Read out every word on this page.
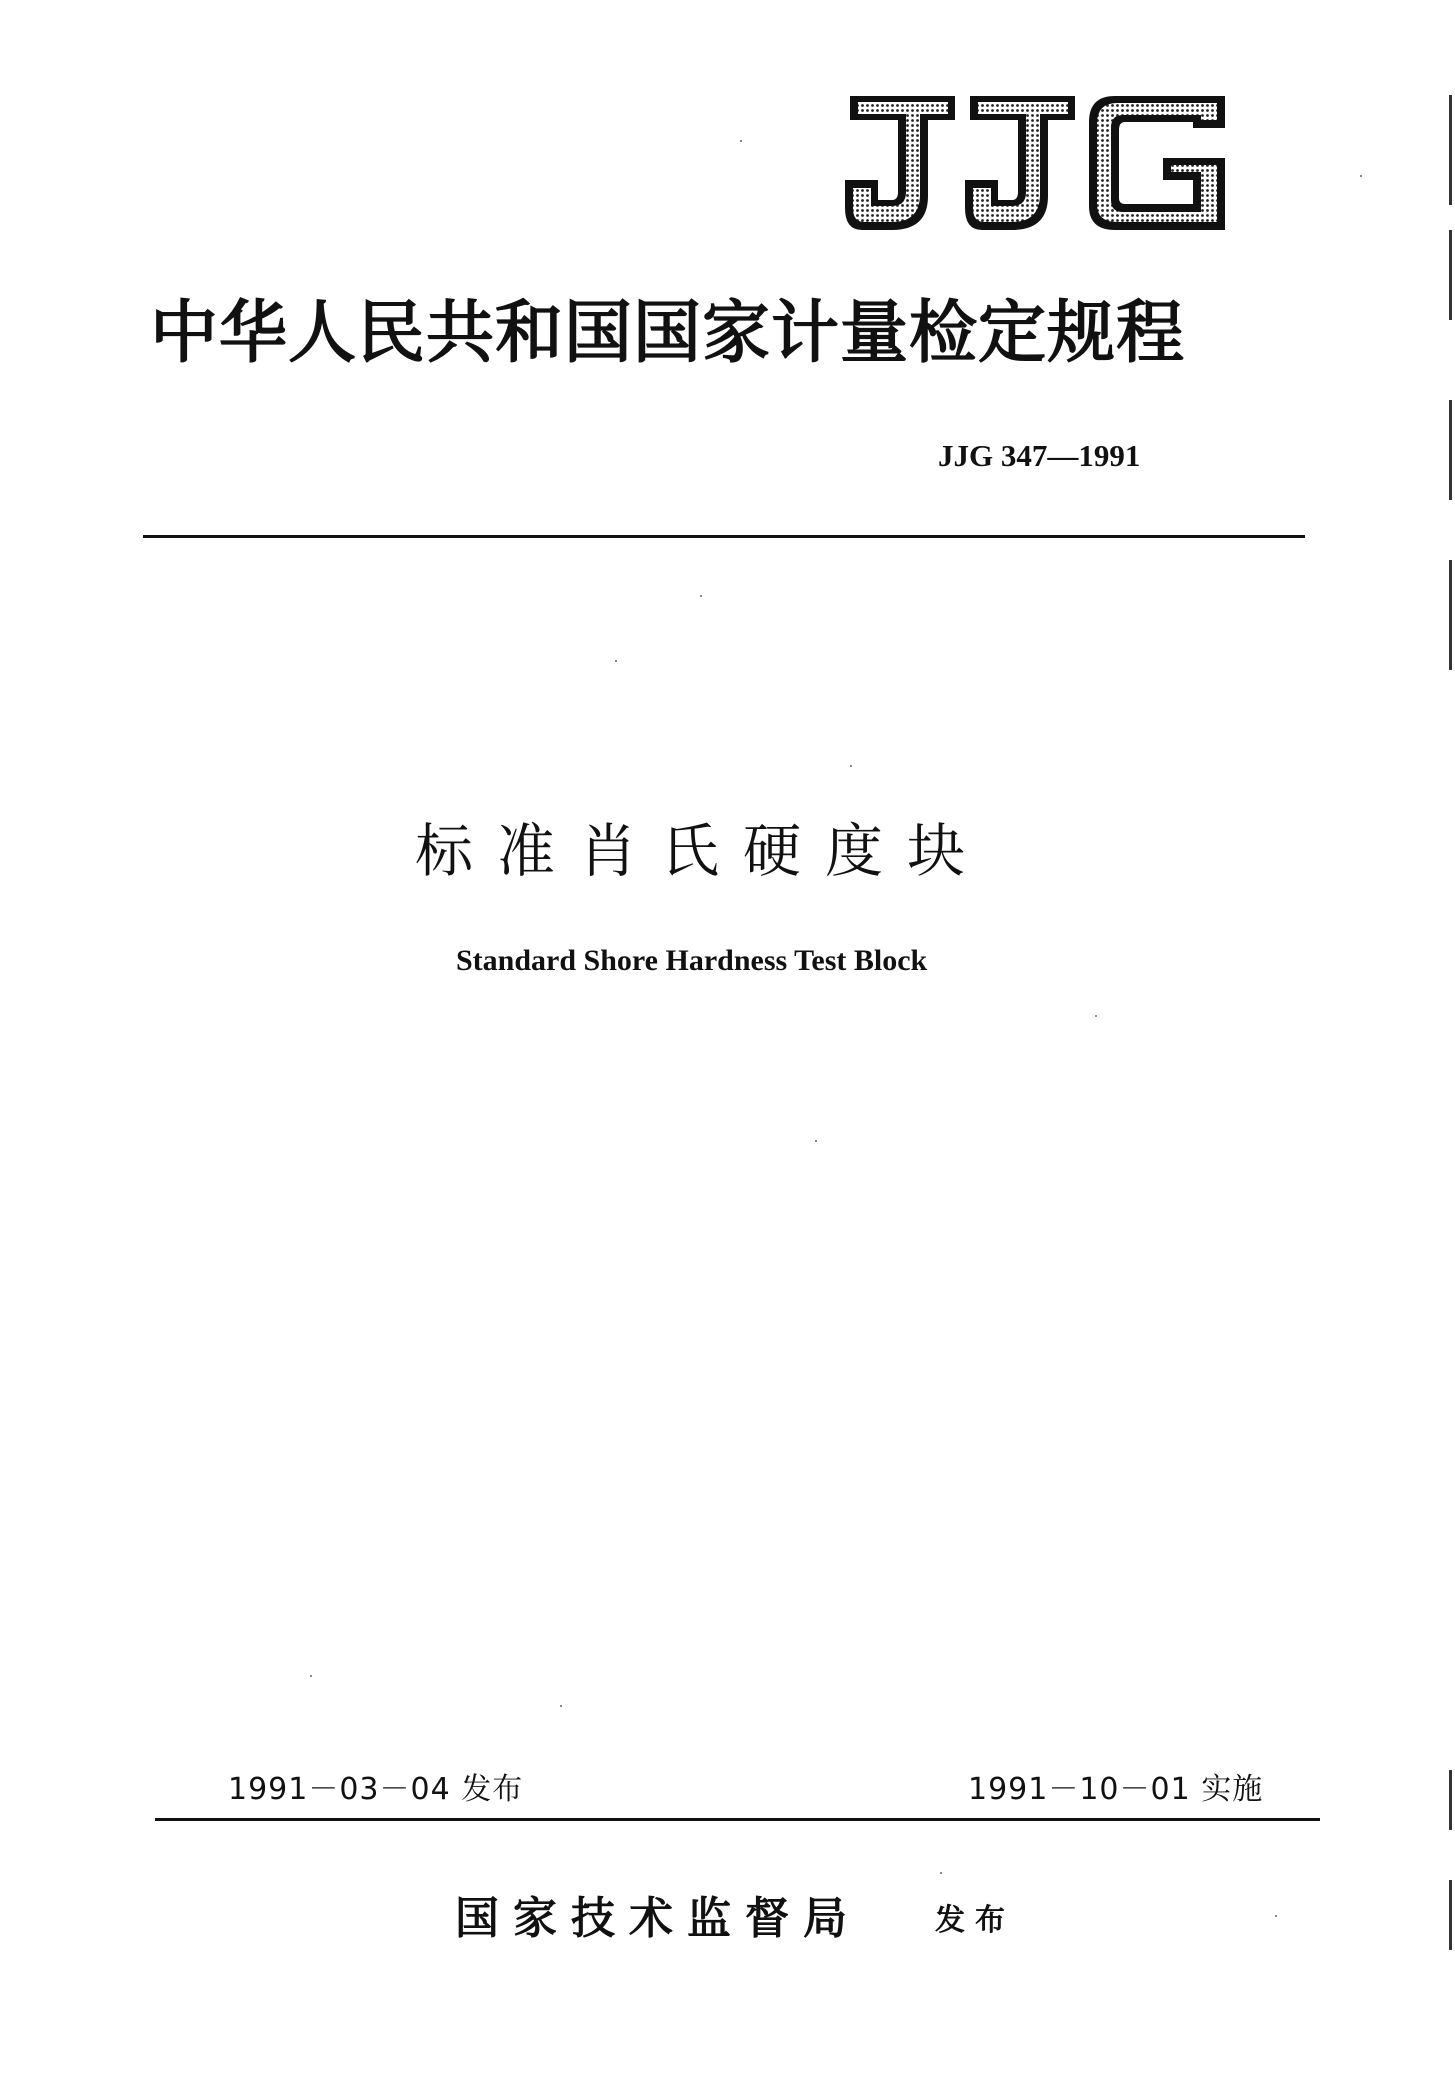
中华人民共和国国家计量检定规程
JJG 347—1991
标准肖氏硬度块
Standard Shore Hardness Test Block
1991－03－04 发布	1991－10－01 实施
国家技术监督局 发布
